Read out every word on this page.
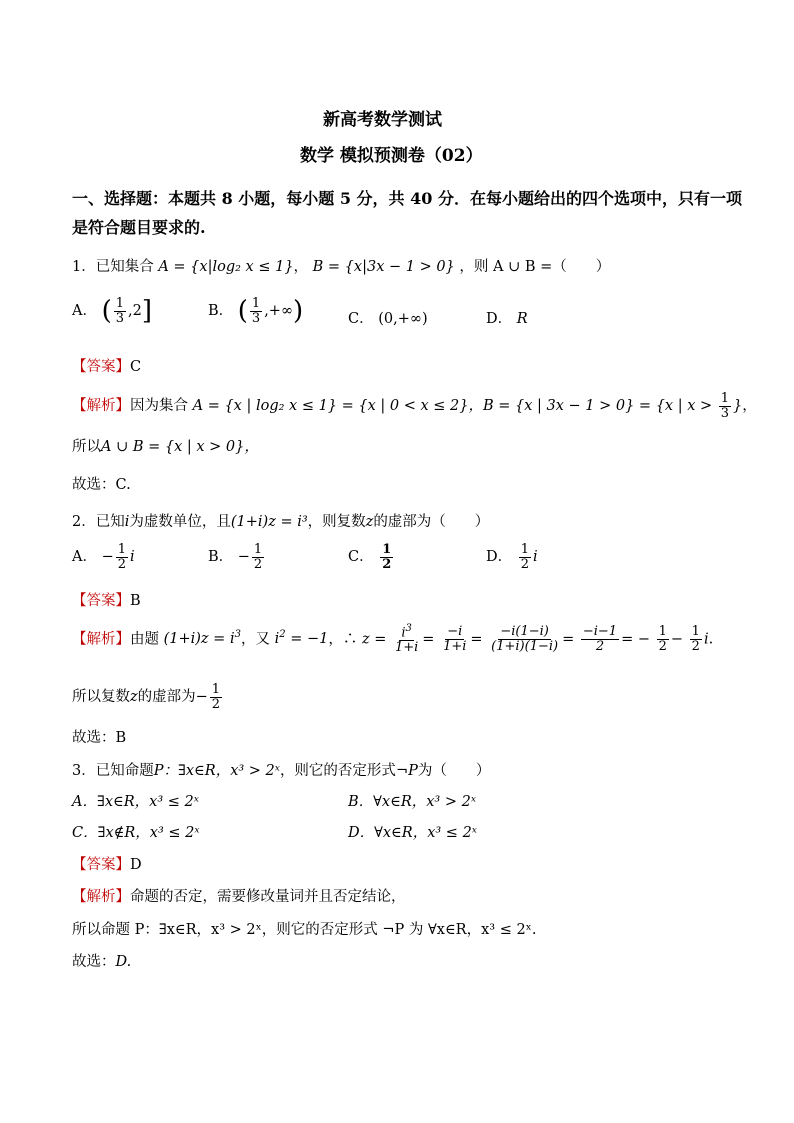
新高考数学测试
数学 模拟预测卷（02）
一、选择题：本题共 8 小题，每小题 5 分，共 40 分．在每小题给出的四个选项中，只有一项
是符合题目要求的.
1．已知集合 A = {x|log₂ x ≤ 1}， B = {x|3x − 1 > 0} ，则 A ∪ B =（　　）
A． ( $\frac{1}{3} ,2$]	B． ( $\frac{1}{3}$ ,+∞)	C． (0,+∞)	D． R
【答案】C
【解析】因为集合 A = {x | log₂ x ≤ 1} = {x | 0 < x ≤ 2}，B = {x | 3x − 1 > 0} = {x | $x > \frac{1}{3}$ }，
所以A ∪ B = {x | x > 0}，
故选：C.
2．已知i为虚数单位，且(1+i)z = i³，则复数z的虚部为（　　）
A． − $\frac{1}{2}$ i	B． − $\frac{1}{2}$	C． $\frac{1}{2}$	D． $\frac{1}{2}$ i
【答案】B
【解析】由题 $(1+i)z = i^3$，又 $i^2 = -1$，∴ $z = \frac{i^3}{1+i} = \frac{-i}{1+i} = \frac{-i(1-i)}{(1+i)(1-i)} = \frac{-i-1}{2}$ = − $\frac{1}{2} - \frac{1}{2} i$.
所以复数z的虚部为− $\frac{1}{2}$
故选：B
3．已知命题P：∃x∈R，x³ > 2ˣ，则它的否定形式¬P为（　　）
A．∃x∈R，x³ ≤ 2ˣ	B．∀x∈R，x³ > 2ˣ
C．∃x∉R，x³ ≤ 2ˣ	D．∀x∈R，x³ ≤ 2ˣ
【答案】D
【解析】命题的否定，需要修改量词并且否定结论，
所以命题 P：∃x∈R，x³ > 2ˣ，则它的否定形式 ¬P 为 ∀x∈R，x³ ≤ 2ˣ.
故选：D.
